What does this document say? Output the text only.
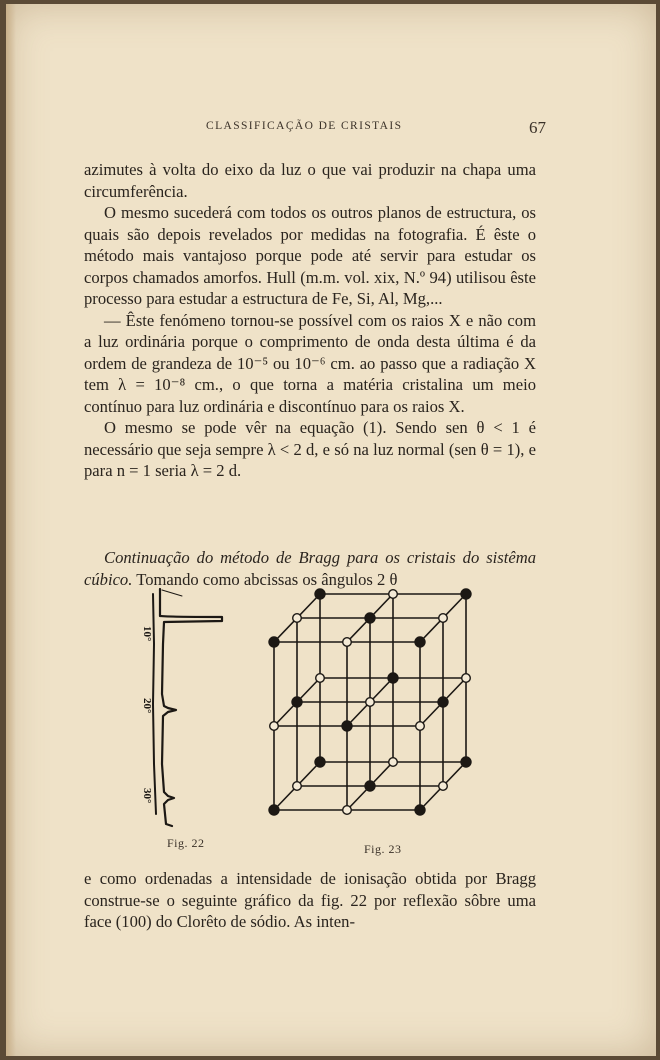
CLASSIFICAÇÃO DE CRISTAIS	67

azimutes à volta do eixo da luz o que vai produzir na chapa uma circumferência.

O mesmo sucederá com todos os outros planos de estructura, os quais são depois revelados por medidas na fotografia. É êste o método mais vantajoso porque pode até servir para estudar os corpos chamados amorfos. Hull (m.m. vol. xix, N.º 94) utilisou êste processo para estudar a estructura de Fe, Si, Al, Mg,...

— Êste fenómeno tornou-se possível com os raios X e não com a luz ordinária porque o comprimento de onda desta última é da ordem de grandeza de 10⁻⁵ ou 10⁻⁶ cm. ao passo que a radiação X tem λ = 10⁻⁸ cm., o que torna a matéria cristalina um meio contínuo para luz ordinária e discontínuo para os raios X.

O mesmo se pode vêr na equação (1). Sendo sen θ < 1 é necessário que seja sempre λ < 2 d, e só na luz normal (sen θ = 1), e para n = 1 seria λ = 2 d.

Continuação do método de Bragg para os cristais do sistêma cúbico. Tomando como abcissas os ângulos 2 θ

10°
20°
30°
Fig. 22	Fig. 23

e como ordenadas a intensidade de ionisação obtida por Bragg construe-se o seguinte gráfico da fig. 22 por reflexão sôbre uma face (100) do Clorêto de sódio. As inten-
